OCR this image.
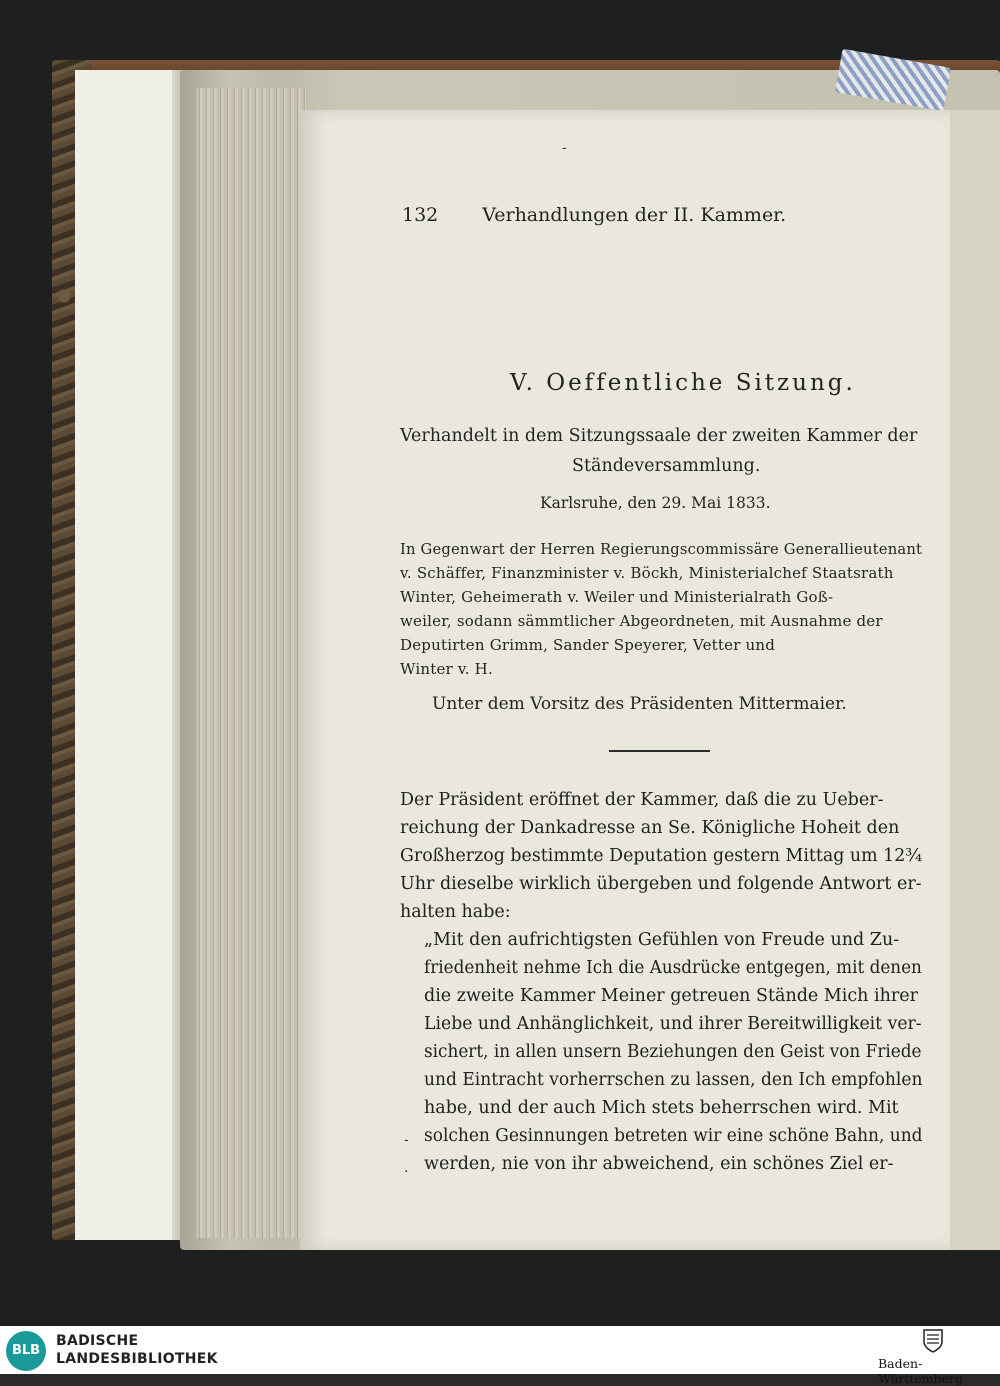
132 Verhandlungen der II. Kammer.
V. Oeffentliche Sitzung.
Verhandelt in dem Sitzungssaale der zweiten Kammer der
Ständeversammlung.
Karlsruhe, den 29. Mai 1833.
In Gegenwart der Herren Regierungscommissäre Generallieutenant
v. Schäffer, Finanzminister v. Böckh, Ministerialchef Staatsrath
Winter, Geheimerath v. Weiler und Ministerialrath Goß-
weiler, sodann sämmtlicher Abgeordneten, mit Ausnahme der
Deputirten Grimm, Sander Speyerer, Vetter und
Winter v. H.
Unter dem Vorsitz des Präsidenten Mittermaier.
Der Präsident eröffnet der Kammer, daß die zu Ueber-
reichung der Dankadresse an Se. Königliche Hoheit den
Großherzog bestimmte Deputation gestern Mittag um 12¾
Uhr dieselbe wirklich übergeben und folgende Antwort er-
halten habe:
„Mit den aufrichtigsten Gefühlen von Freude und Zu-
friedenheit nehme Ich die Ausdrücke entgegen, mit denen
die zweite Kammer Meiner getreuen Stände Mich ihrer
Liebe und Anhänglichkeit, und ihrer Bereitwilligkeit ver-
sichert, in allen unsern Beziehungen den Geist von Friede
und Eintracht vorherrschen zu lassen, den Ich empfohlen
habe, und der auch Mich stets beherrschen wird. Mit
solchen Gesinnungen betreten wir eine schöne Bahn, und
werden, nie von ihr abweichend, ein schönes Ziel er-
-
.
-
BLB
BADISCHE
LANDESBIBLIOTHEK	Baden-Württemberg
